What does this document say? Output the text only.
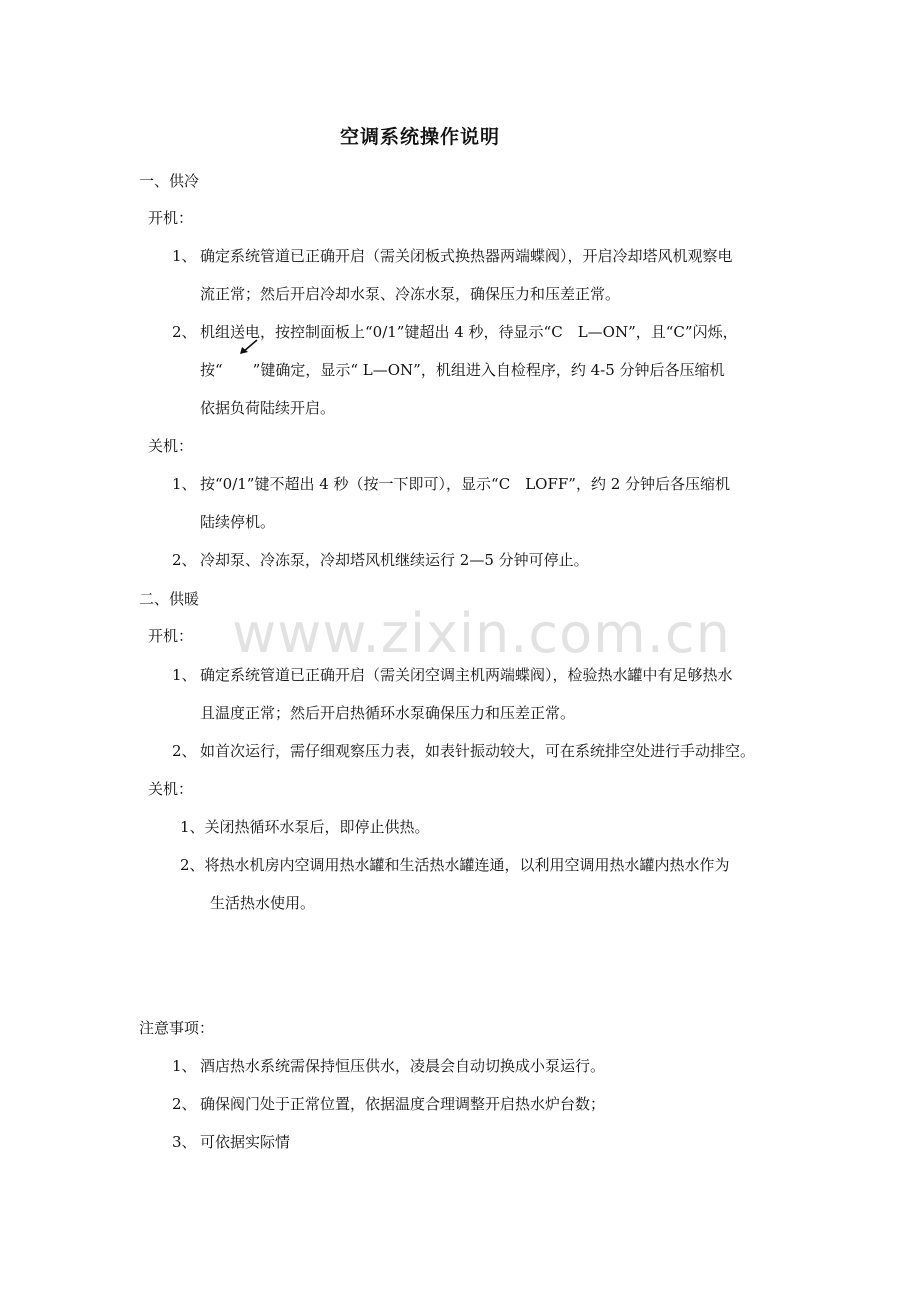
空调系统操作说明

一、供冷

开机：

1、 确定系统管道已正确开启（需关闭板式换热器两端蝶阀），开启冷却塔风机观察电

流正常；然后开启冷却水泵、冷冻水泵，确保压力和压差正常。

2、 机组送电，按控制面板上“0/1”键超出 4 秒，待显示“C　L—ON”，且“C”闪烁，

按“　　”键确定，显示“ L—ON”，机组进入自检程序，约 4-5 分钟后各压缩机

依据负荷陆续开启。

关机：

1、 按“0/1”键不超出 4 秒（按一下即可），显示“C　LOFF”，约 2 分钟后各压缩机

陆续停机。

2、 冷却泵、冷冻泵，冷却塔风机继续运行 2—5 分钟可停止。

二、供暖

开机：

1、 确定系统管道已正确开启（需关闭空调主机两端蝶阀），检验热水罐中有足够热水

且温度正常；然后开启热循环水泵确保压力和压差正常。

2、 如首次运行，需仔细观察压力表，如表针振动较大，可在系统排空处进行手动排空。

关机：

1、关闭热循环水泵后，即停止供热。

2、将热水机房内空调用热水罐和生活热水罐连通，以利用空调用热水罐内热水作为

生活热水使用。

注意事项：

1、 酒店热水系统需保持恒压供水，凌晨会自动切换成小泵运行。

2、 确保阀门处于正常位置，依据温度合理调整开启热水炉台数；

3、 可依据实际情

www.zixin.com.cn
